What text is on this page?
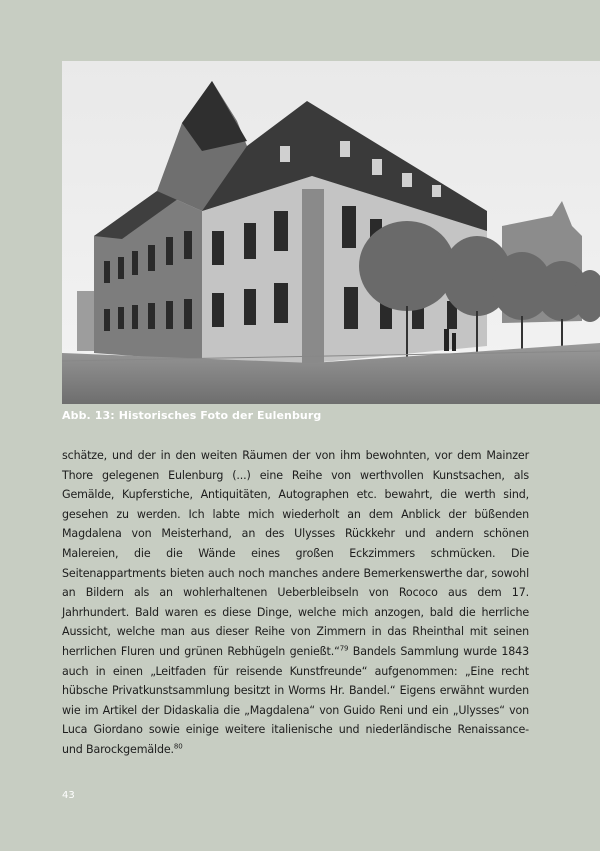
Abb. 13: Historisches Foto der Eulenburg
schätze, und der in den weiten Räumen der von ihm bewohnten, vor dem Mainzer Thore gelegenen Eulenburg (...) eine Reihe von werthvollen Kunstsachen, als Gemälde, Kupferstiche, Antiquitäten, Autographen etc. bewahrt, die werth sind, gesehen zu werden. Ich labte mich wiederholt an dem Anblick der büßenden Magdalena von Meisterhand, an des Ulysses Rückkehr und andern schönen Malereien, die die Wände eines großen Eckzimmers schmücken. Die Seitenappartments bieten auch noch manches andere Bemerkenswerthe dar, sowohl an Bildern als an wohlerhaltenen Ueberbleibseln von Rococo aus dem 17. Jahrhundert. Bald waren es diese Dinge, welche mich anzogen, bald die herrliche Aussicht, welche man aus dieser Reihe von Zimmern in das Rheinthal mit seinen herrlichen Fluren und grünen Rebhügeln genießt.“$^{79}$ Bandels Sammlung wurde 1843 auch in einen „Leitfaden für reisende Kunstfreunde“ aufgenommen: „Eine recht hübsche Privatkunstsammlung besitzt in Worms Hr. Bandel.“ Eigens erwähnt wurden wie im Artikel der Didaskalia die „Magdalena“ von Guido Reni und ein „Ulysses“ von Luca Giordano sowie einige weitere italienische und niederländische Renaissance- und Barockgemälde.$^{80}$
43
